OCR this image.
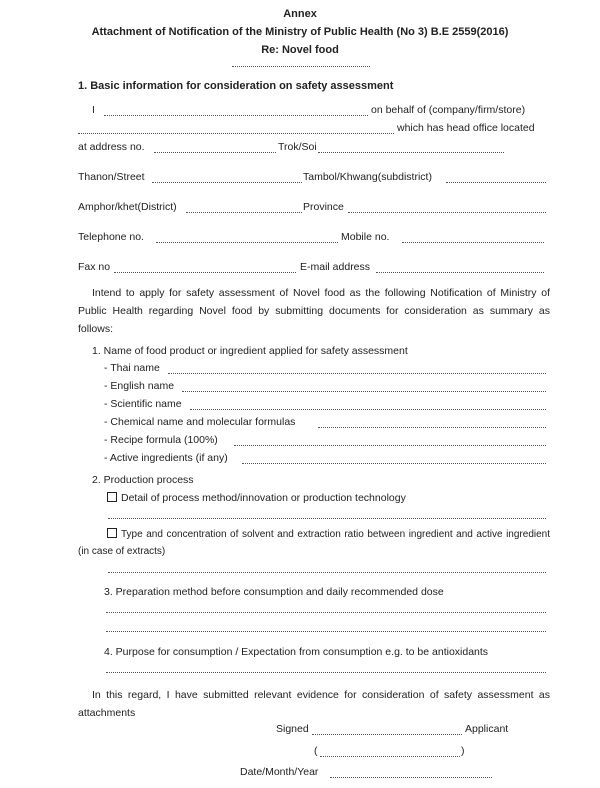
Annex
Attachment of Notification of the Ministry of Public Health (No 3) B.E 2559(2016)
Re: Novel food
1. Basic information for consideration on safety assessment
I	on behalf of (company/firm/store)
which has head office located
at address no.	Trok/Soi
Thanon/Street	Tambol/Khwang(subdistrict)
Amphor/khet(District)	Province
Telephone no.	Mobile no.
Fax no	E-mail address
Intend to apply for safety assessment of Novel food as the following Notification of Ministry of Public Health regarding Novel food by submitting documents for consideration as summary as follows:
1. Name of food product or ingredient applied for safety assessment
- Thai name
- English name
- Scientific name
- Chemical name and molecular formulas
- Recipe formula (100%)
- Active ingredients (if any)
2. Production process
Detail of process method/innovation or production technology
Type and concentration of solvent and extraction ratio between ingredient and active ingredient (in case of extracts)
3. Preparation method before consumption and daily recommended dose
4. Purpose for consumption / Expectation from consumption e.g. to be antioxidants
In this regard, I have submitted relevant evidence for consideration of safety assessment as attachments
Signed	Applicant
(	)
Date/Month/Year
